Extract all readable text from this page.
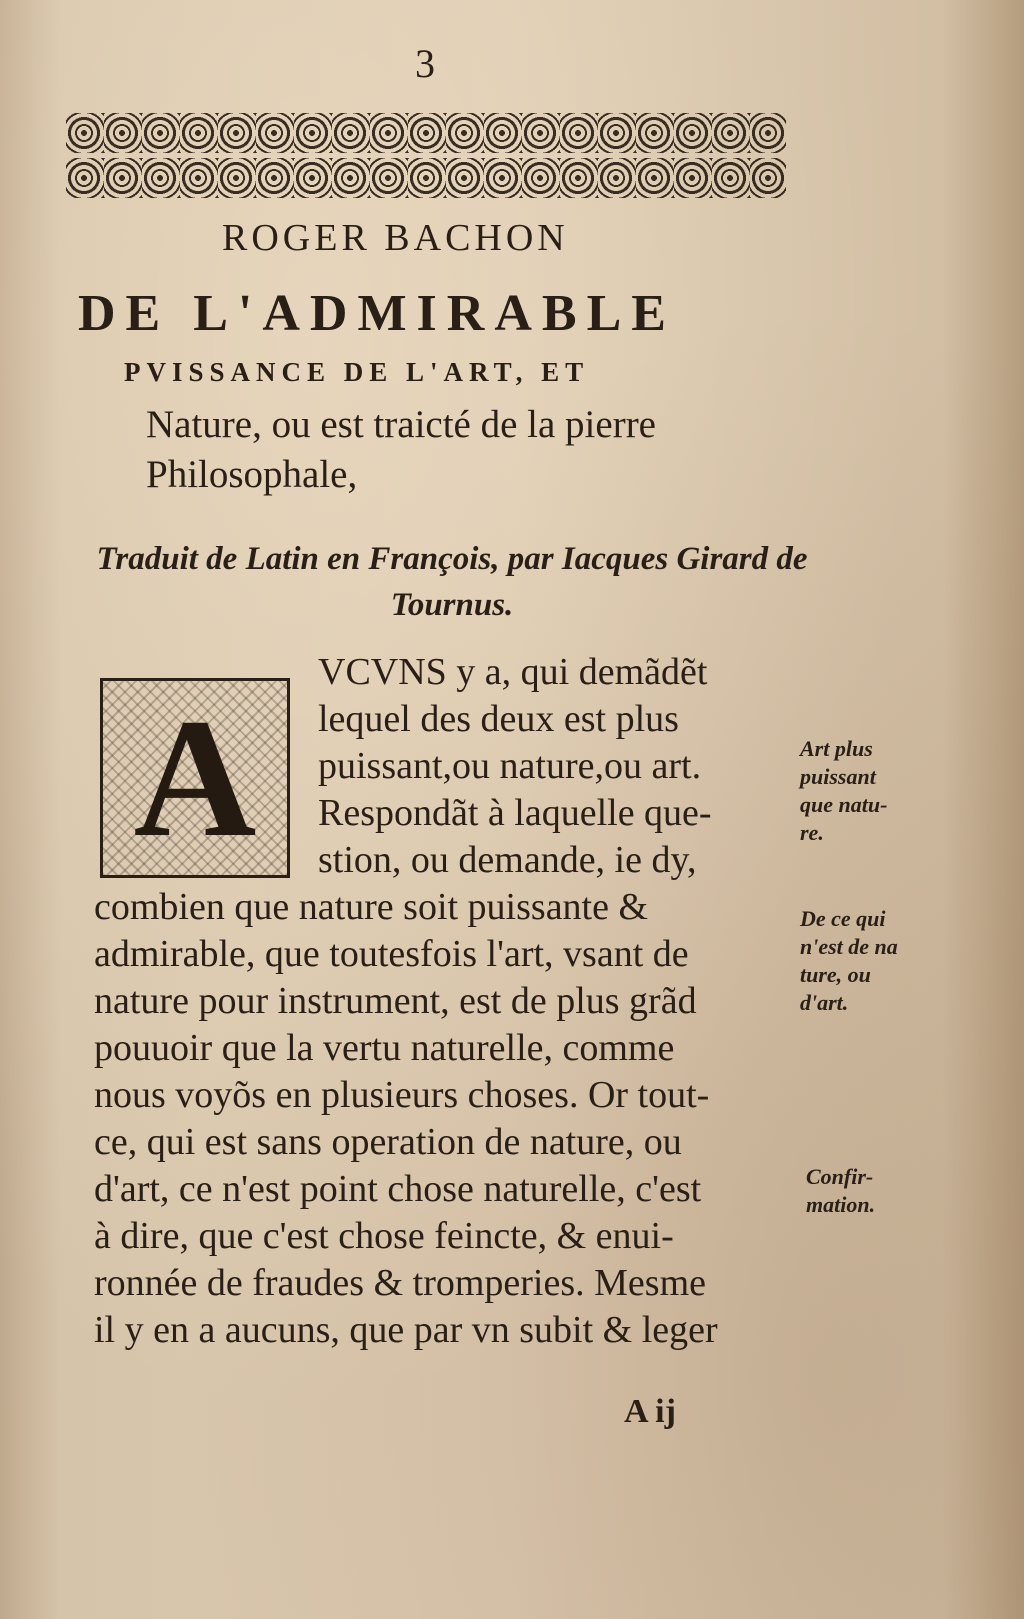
3
ROGER BACHON
DE L'ADMIRABLE
PVISSANCE DE L'ART, ET
Nature, ou est traicté de la pierre Philosophale,
Traduit de Latin en François, par Iacques Girard de Tournus.
A
VCVNS y a, qui demãdẽt
lequel des deux est plus
puissant,ou nature,ou art.
Respondãt à laquelle que-
stion, ou demande, ie dy,
combien que nature soit puissante &
admirable, que toutesfois l'art, vsant de
nature pour instrument, est de plus grãd
pouuoir que la vertu naturelle, comme
nous voyõs en plusieurs choses. Or tout-
ce, qui est sans operation de nature, ou
d'art, ce n'est point chose naturelle, c'est
à dire, que c'est chose feincte, & enui-
ronnée de fraudes & tromperies. Mesme
il y en a aucuns, que par vn subit & leger
Art plus
puissant
que natu-
re.
De ce qui
n'est de na
ture, ou
d'art.
Confir-
mation.
A ij
